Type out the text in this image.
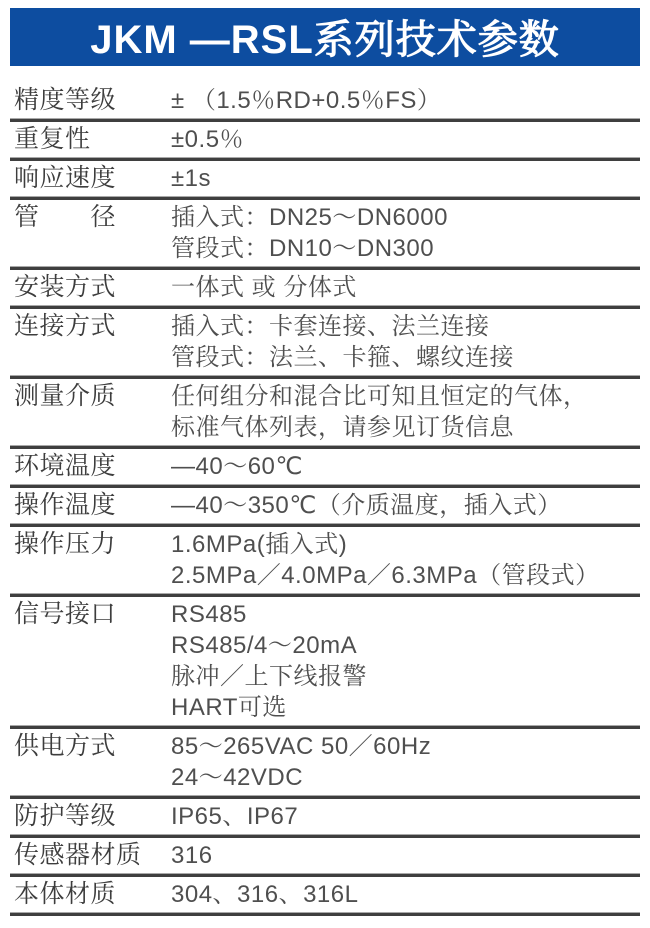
JKM —RSL系列技术参数
精度等级	± （1.5％RD+0.5％FS）
重复性	±0.5％
响应速度	±1s
管　　径	插入式：DN25～DN6000
管段式：DN10～DN300
安装方式	一体式 或 分体式
连接方式	插入式：卡套连接、法兰连接
管段式：法兰、卡箍、螺纹连接
测量介质	任何组分和混合比可知且恒定的气体，
标准气体列表，请参见订货信息
环境温度	—40～60℃
操作温度	—40～350℃（介质温度，插入式）
操作压力	1.6MPa(插入式)
2.5MPa／4.0MPa／6.3MPa（管段式）
信号接口	RS485
RS485/4～20mA
脉冲／上下线报警
HART可选
供电方式	85～265VAC 50／60Hz
24～42VDC
防护等级	IP65、IP67
传感器材质	316
本体材质	304、316、316L
